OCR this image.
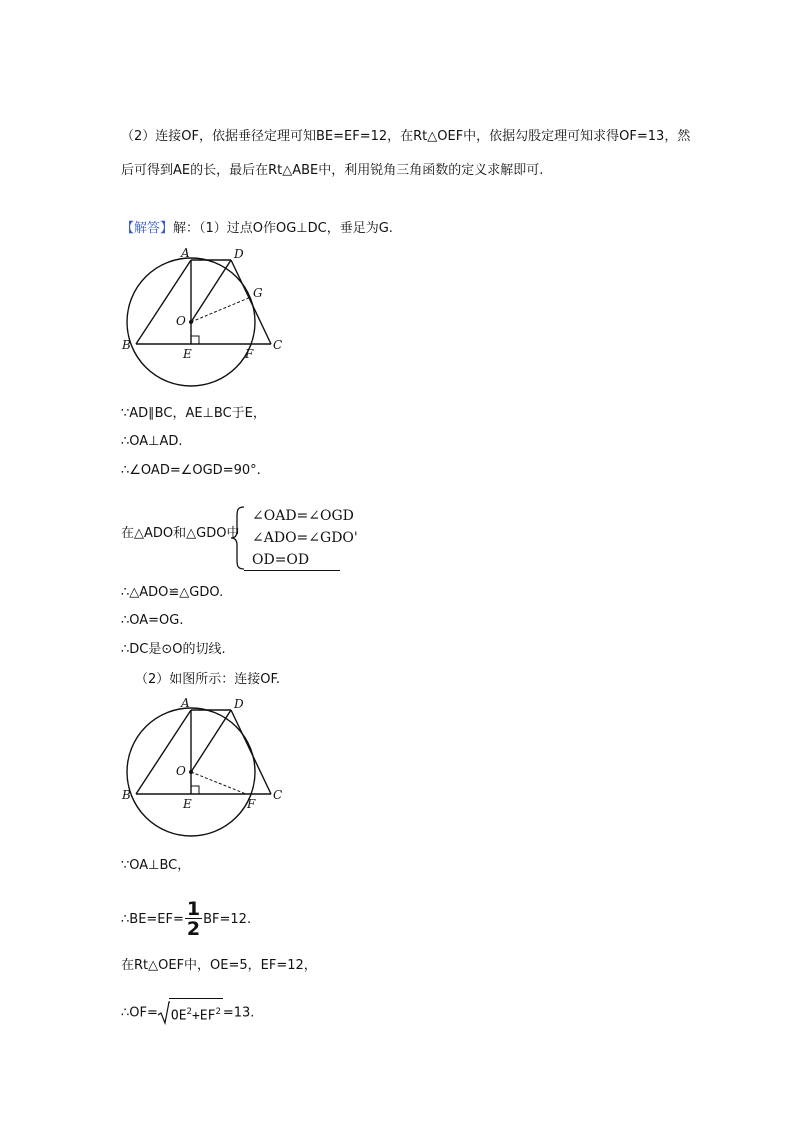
（2）连接OF，依据垂径定理可知BE=EF=12，在Rt△OEF中，依据勾股定理可知求得OF=13，然
后可得到AE的长，最后在Rt△ABE中，利用锐角三角函数的定义求解即可.
【解答】解：（1）过点O作OG⊥DC，垂足为G.
A	D
G
O
B
E	F
C
∵AD∥BC，AE⊥BC于E，
∴OA⊥AD.
∴∠OAD=∠OGD=90°.
在△ADO和△GDO中
∠OAD=∠OGD
∠ADO=∠GDO'
OD=OD
∴△ADO≌△GDO.
∴OA=OG.
∴DC是⊙O的切线.
（2）如图所示：连接OF.
A	D
O
B
E	F
C
∵OA⊥BC，
∴BE=EF= $\frac{1}{2} BF=12$.
在Rt△OEF中，OE=5，EF=12，
∴OF= $OE^2+EF^2 =13$.
